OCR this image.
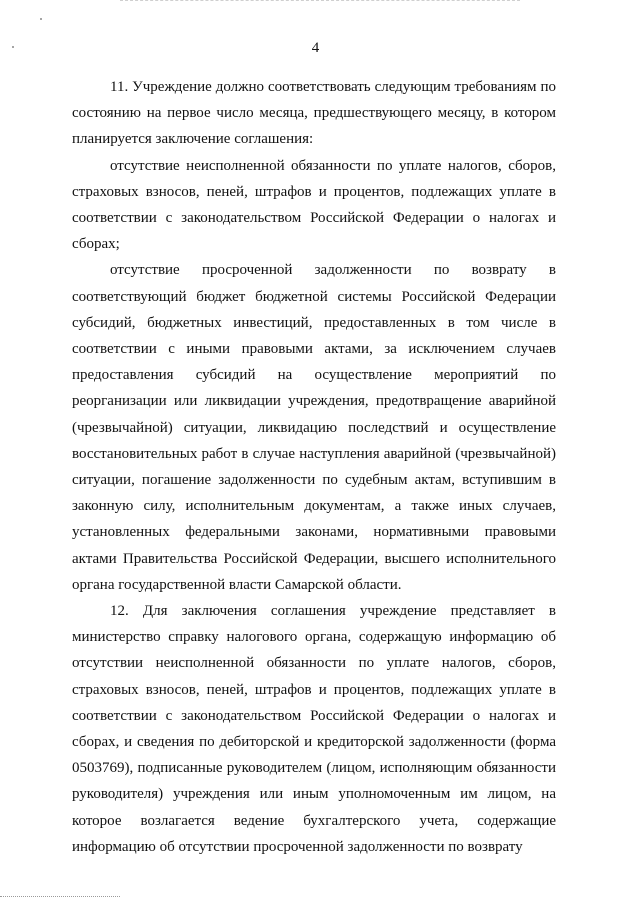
4

11. Учреждение должно соответствовать следующим требованиям по состоянию на первое число месяца, предшествующего месяцу, в котором планируется заключение соглашения:

отсутствие неисполненной обязанности по уплате налогов, сборов, страховых взносов, пеней, штрафов и процентов, подлежащих уплате в соответствии с законодательством Российской Федерации о налогах и сборах;

отсутствие просроченной задолженности по возврату в соответствующий бюджет бюджетной системы Российской Федерации субсидий, бюджетных инвестиций, предоставленных в том числе в соответствии с иными правовыми актами, за исключением случаев предоставления субсидий на осуществление мероприятий по реорганизации или ликвидации учреждения, предотвращение аварийной (чрезвычайной) ситуации, ликвидацию последствий и осуществление восстановительных работ в случае наступления аварийной (чрезвычайной) ситуации, погашение задолженности по судебным актам, вступившим в законную силу, исполнительным документам, а также иных случаев, установленных федеральными законами, нормативными правовыми актами Правительства Российской Федерации, высшего исполнительного органа государственной власти Самарской области.

12. Для заключения соглашения учреждение представляет в министерство справку налогового органа, содержащую информацию об отсутствии неисполненной обязанности по уплате налогов, сборов, страховых взносов, пеней, штрафов и процентов, подлежащих уплате в соответствии с законодательством Российской Федерации о налогах и сборах, и сведения по дебиторской и кредиторской задолженности (форма 0503769), подписанные руководителем (лицом, исполняющим обязанности руководителя) учреждения или иным уполномоченным им лицом, на которое возлагается ведение бухгалтерского учета, содержащие информацию об отсутствии просроченной задолженности по возврату
